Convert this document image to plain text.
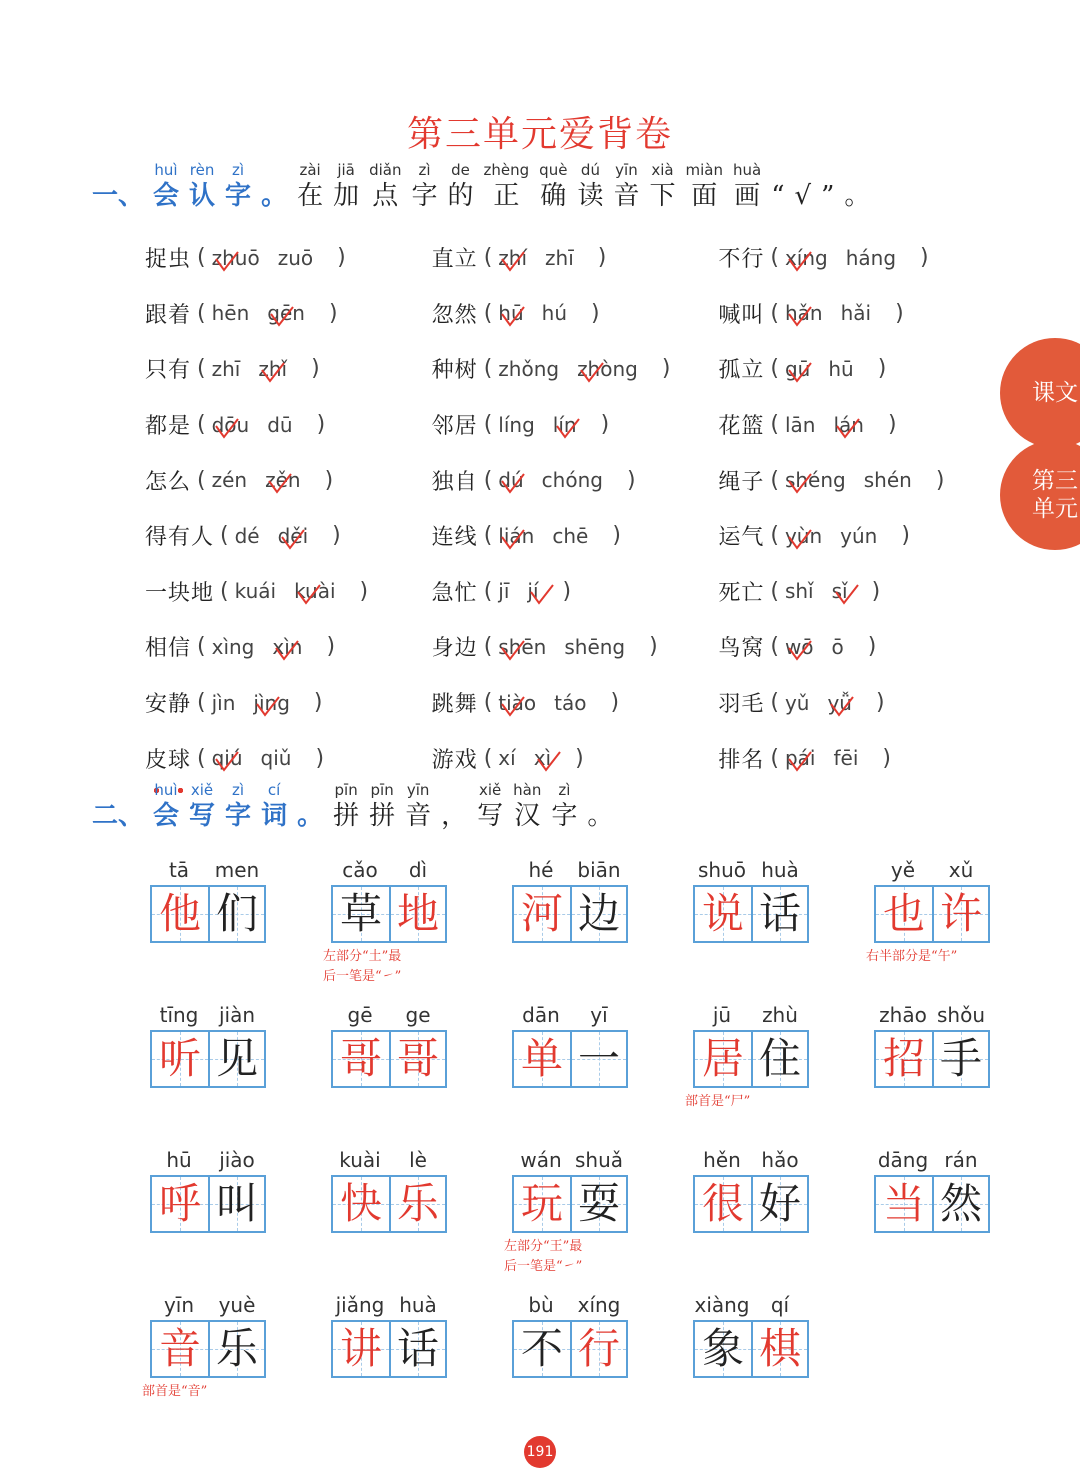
第三单元爱背卷
一、
huì
会
rèn
认
zì
字 。
zài
在
jiā
加
diǎn
点
zì
字
de
的
zhèng
正
què
确
dú
读
yīn
音
xià
下
miàn
面
huà
画 “ √ ” 。
捉虫 ( zhuō zuō )	直立 ( zhí zhī )	不行 ( xíng háng )
跟着 ( hēn gēn )	忽然 ( hū hú )	喊叫 ( hǎn hǎi )
只有 ( zhī zhǐ )	种树 ( zhǒng zhòng ) 孤立 ( gū hū )
都是 ( dōu dū )	邻居 ( líng lín )	花篮 ( lān lán )
怎么 ( zén zěn )	独自 ( dú chóng )	绳子 ( shéng shén )
得有人 ( dé děi )	连线 ( lián chē )	运气 ( yùn yún )
一块地 ( kuái kuài )	急忙 ( jī jí )	死亡 ( shǐ sǐ )
相信 ( xìng xìn )	身边 ( shēn shēng )	鸟窝 ( wō ō )
安静 ( jìn jìng )	跳舞 ( tiào táo )	羽毛 ( yǔ yǚ )
皮球 ( qiú qiǔ )	游戏 ( xí xì )	排名 ( pái fēi )
二、
huì
会
xiě
写
zì
字
cí
词 。
pīn
拼
pīn
拼
yīn
音 ，
xiě
写
hàn
汉
zì
字 。
tā	men
他 们
cǎo	dì
草 地
左部分“土”最
后一笔是“㇀”
hé	biān
河 边
shuō huà
说 话
yě	xǔ
也 许
右半部分是“午”
tīng	jiàn
听 见
gē	ge
哥 哥
dān	yī
单 一
jū	zhù
居 住
部首是“尸”
zhāo shǒu
招 手
hū	jiào
呼 叫
kuài	lè
快 乐
wán shuǎ
玩 耍
左部分“王”最
后一笔是“㇀”
hěn	hǎo
很 好
dāng rán
当 然
yīn	yuè
音 乐
部首是“音”
jiǎng huà
讲 话
bù	xíng
不 行
xiàng	qí
象 棋
课文
第三
单元
191
